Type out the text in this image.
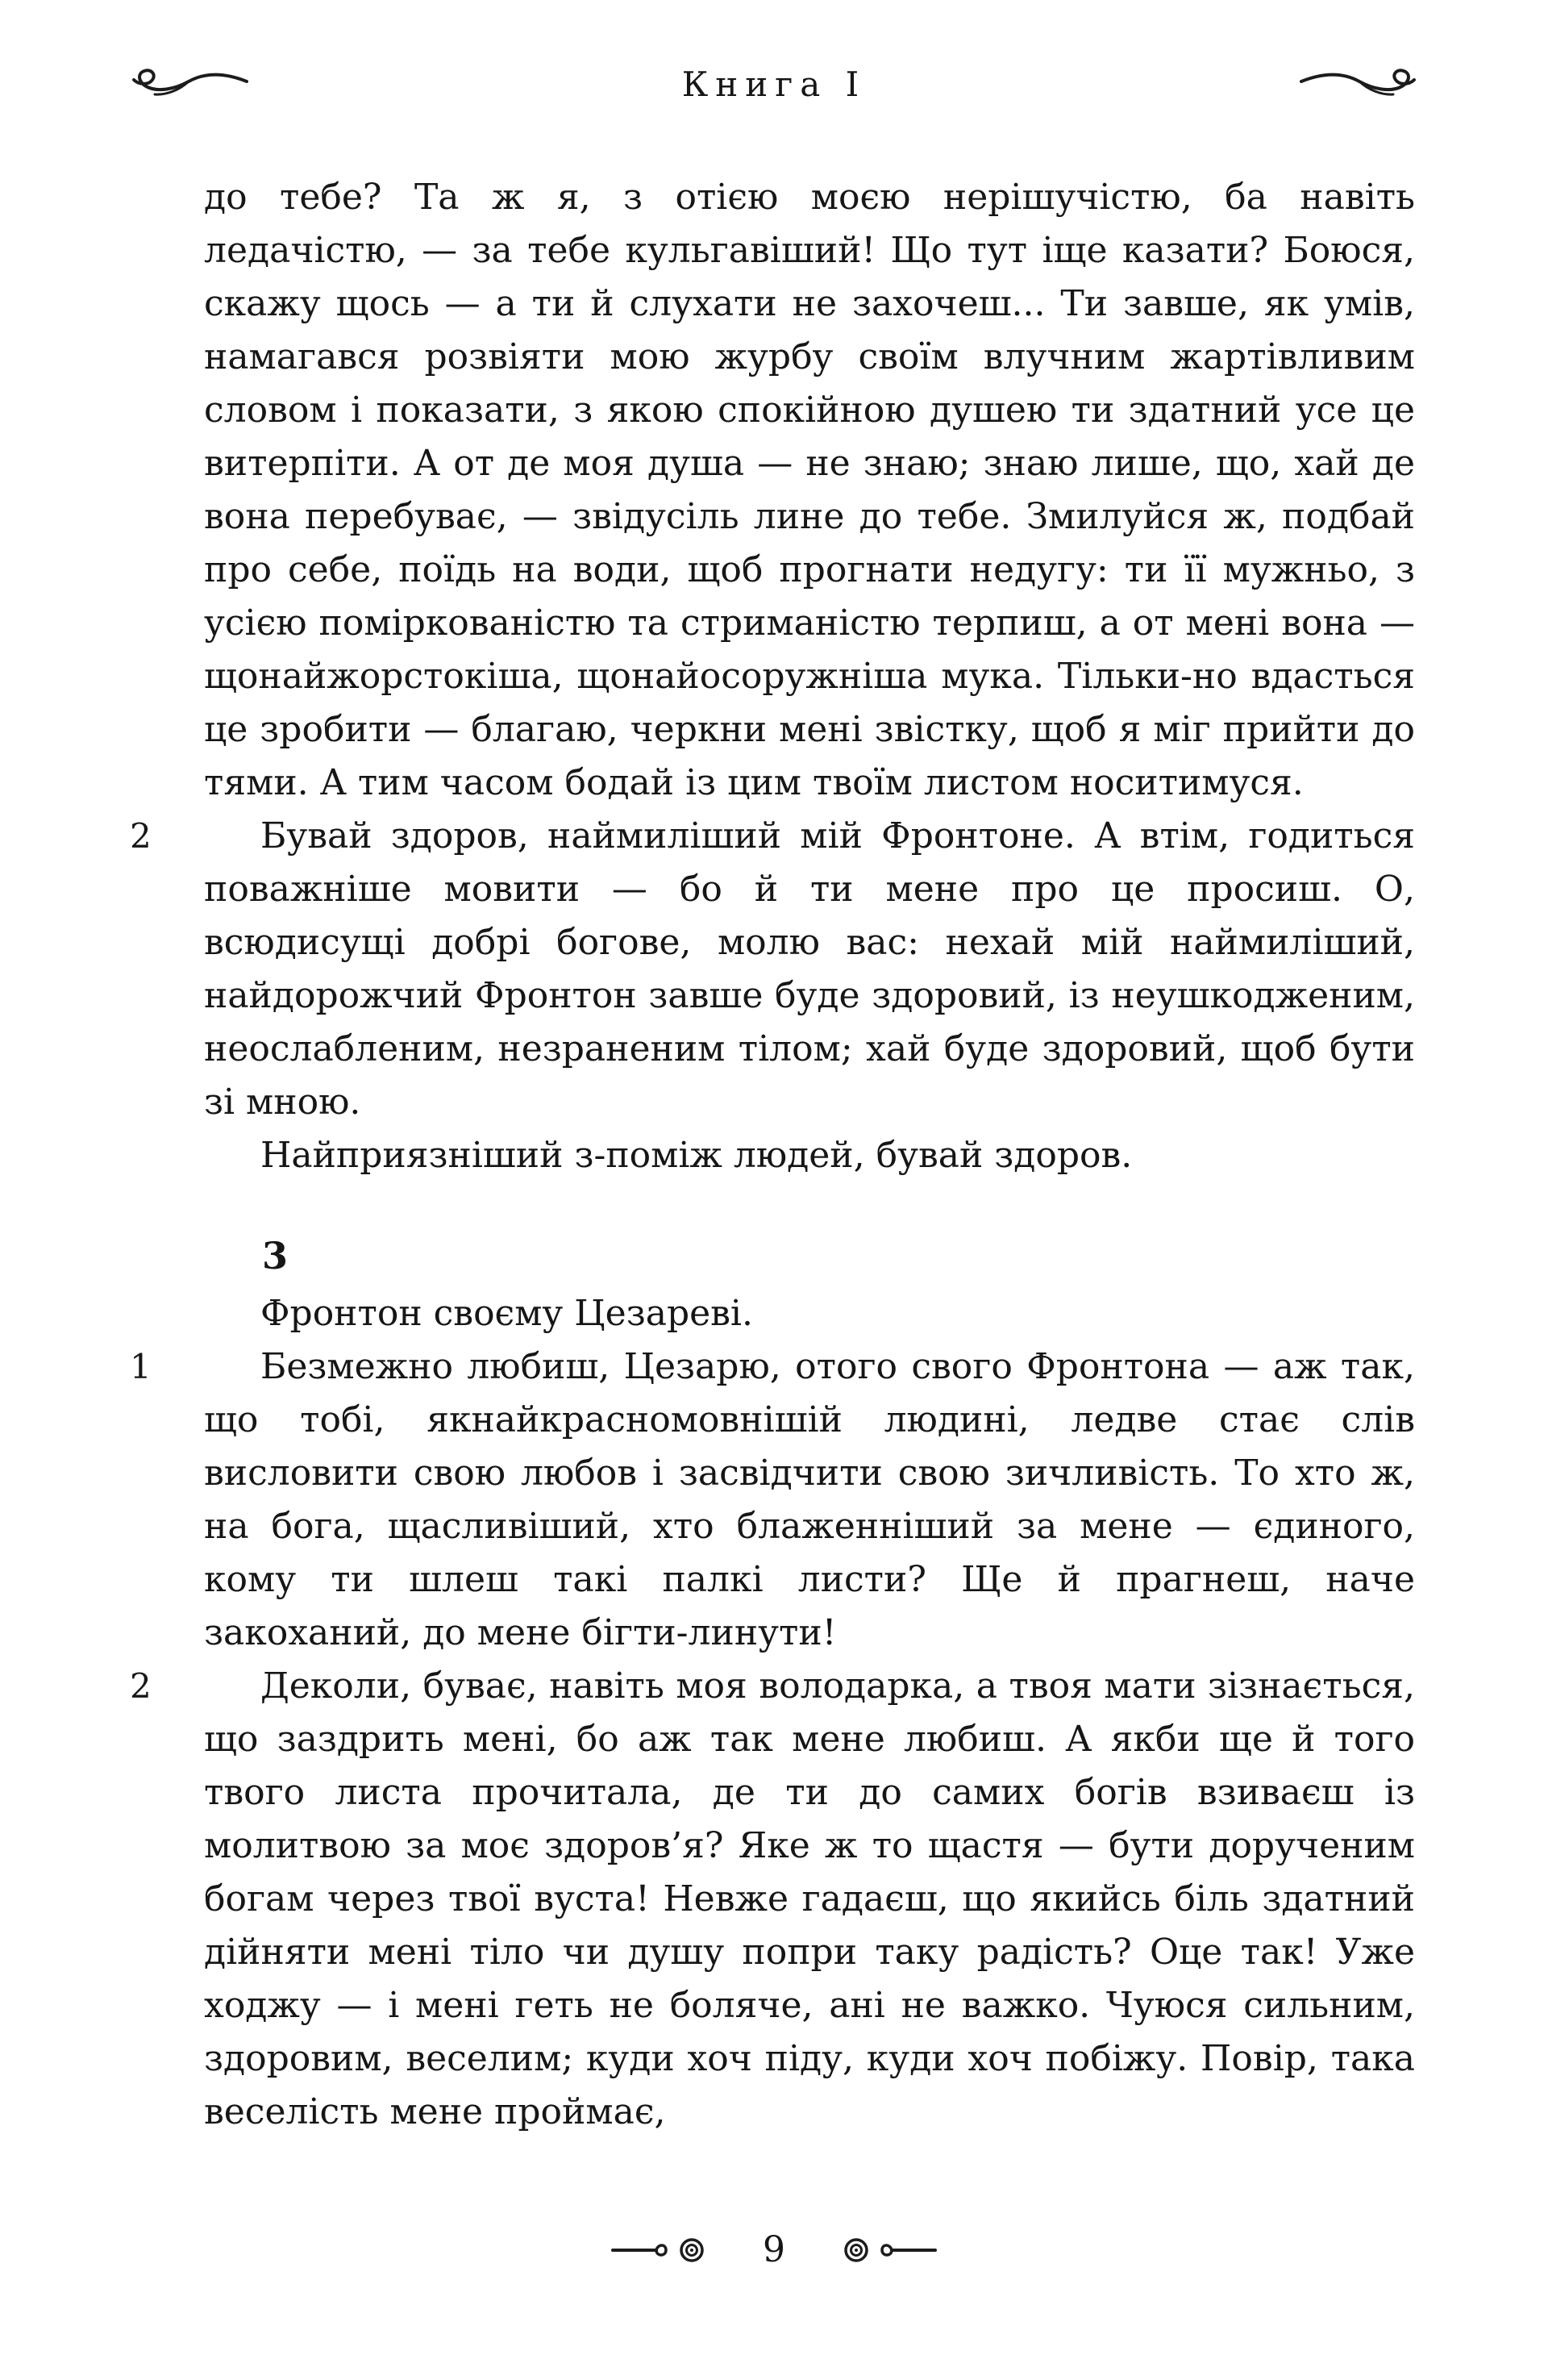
Книга I

до тебе? Та ж я, з отією моєю нерішучістю, ба навіть ледачістю, — за тебе кульгавіший! Що тут іще казати? Боюся, скажу щось — а ти й слухати не захочеш... Ти завше, як умів, намагався розвіяти мою журбу своїм влучним жартівливим словом і показати, з якою спокійною душею ти здатний усе це витерпіти. А от де моя душа — не знаю; знаю лише, що, хай де вона перебуває, — звідусіль лине до тебе. Змилуйся ж, подбай про себе, поїдь на води, щоб прогнати недугу: ти її мужньо, з усією поміркованістю та стриманістю терпиш, а от мені вона — щонайжорстокіша, щонайосоружніша мука. Тільки-но вдасться це зробити — благаю, черкни мені звістку, щоб я міг прийти до тями. А тим часом бодай із цим твоїм листом носитимуся.

2	Бувай здоров, наймиліший мій Фронтоне. А втім, годиться поважніше мовити — бо й ти мене про це просиш. О, всюдисущі добрі богове, молю вас: нехай мій наймиліший, найдорожчий Фронтон завше буде здоровий, із неушкодженим, неослабленим, незраненим тілом; хай буде здоровий, щоб бути зі мною.

Найприязніший з-поміж людей, бувай здоров.

3

Фронтон своєму Цезареві.

1	Безмежно любиш, Цезарю, отого свого Фронтона — аж так, що тобі, якнайкрасномовнішій людині, ледве стає слів висловити свою любов і засвідчити свою зичливість. То хто ж, на бога, щасливіший, хто блаженніший за мене — єдиного, кому ти шлеш такі палкі листи? Ще й прагнеш, наче закоханий, до мене бігти-линути!

2	Деколи, буває, навіть моя володарка, а твоя мати зізнається, що заздрить мені, бо аж так мене любиш. А якби ще й того твого листа прочитала, де ти до самих богів взиваєш із молитвою за моє здоров’я? Яке ж то щастя — бути дорученим богам через твої вуста! Невже гадаєш, що якийсь біль здатний дійняти мені тіло чи душу попри таку радість? Оце так! Уже ходжу — і мені геть не боляче, ані не важко. Чуюся сильним, здоровим, веселим; куди хоч піду, куди хоч побіжу. Повір, така веселість мене проймає,

9
